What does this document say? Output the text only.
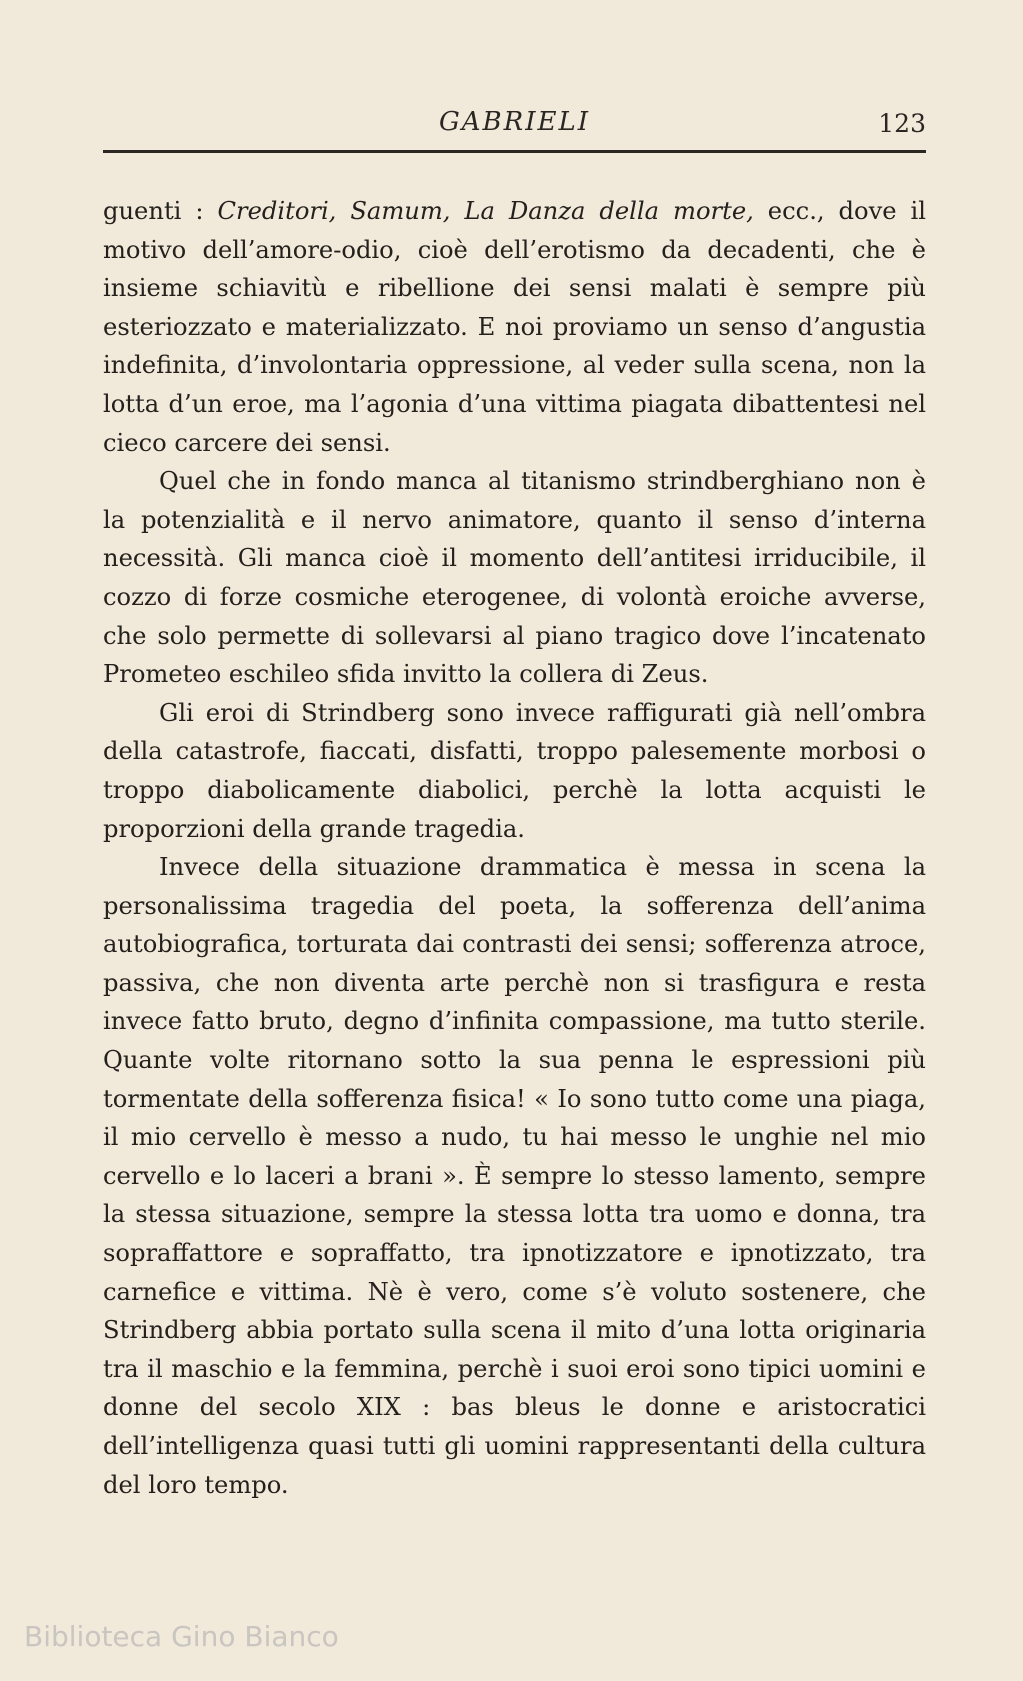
GABRIELI	123

guenti : Creditori, Samum, La Danza della morte, ecc., dove il motivo dell’amore-odio, cioè dell’erotismo da decadenti, che è insieme schiavitù e ribellione dei sensi malati è sempre più esteriozzato e materializzato. E noi proviamo un senso d’angustia indefinita, d’involontaria oppressione, al veder sulla scena, non la lotta d’un eroe, ma l’agonia d’una vittima piagata dibattentesi nel cieco carcere dei sensi.

Quel che in fondo manca al titanismo strindberghiano non è la potenzialità e il nervo animatore, quanto il senso d’interna necessità. Gli manca cioè il momento dell’antitesi irriducibile, il cozzo di forze cosmiche eterogenee, di volontà eroiche avverse, che solo permette di sollevarsi al piano tragico dove l’incatenato Prometeo eschileo sfida invitto la collera di Zeus.

Gli eroi di Strindberg sono invece raffigurati già nell’ombra della catastrofe, fiaccati, disfatti, troppo palesemente morbosi o troppo diabolicamente diabolici, perchè la lotta acquisti le proporzioni della grande tragedia.

Invece della situazione drammatica è messa in scena la personalissima tragedia del poeta, la sofferenza dell’anima autobiografica, torturata dai contrasti dei sensi; sofferenza atroce, passiva, che non diventa arte perchè non si trasfigura e resta invece fatto bruto, degno d’infinita compassione, ma tutto sterile. Quante volte ritornano sotto la sua penna le espressioni più tormentate della sofferenza fisica! « Io sono tutto come una piaga, il mio cervello è messo a nudo, tu hai messo le unghie nel mio cervello e lo laceri a brani ». È sempre lo stesso lamento, sempre la stessa situazione, sempre la stessa lotta tra uomo e donna, tra sopraffattore e sopraffatto, tra ipnotizzatore e ipnotizzato, tra carnefice e vittima. Nè è vero, come s’è voluto sostenere, che Strindberg abbia portato sulla scena il mito d’una lotta originaria tra il maschio e la femmina, perchè i suoi eroi sono tipici uomini e donne del secolo XIX : bas bleus le donne e aristocratici dell’intelligenza quasi tutti gli uomini rappresentanti della cultura del loro tempo.

Biblioteca Gino Bianco
